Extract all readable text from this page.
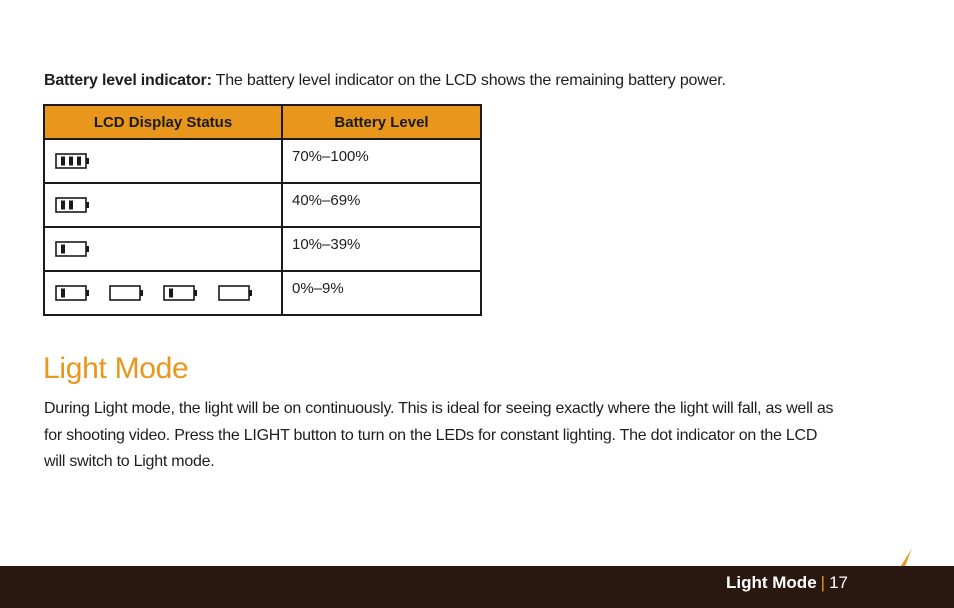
Battery level indicator: The battery level indicator on the LCD shows the remaining battery power.
LCD Display Status	Battery Level
	70%–100%
	40%–69%
	10%–39%
	0%–9%
Light Mode
During Light mode, the light will be on continuously. This is ideal for seeing exactly where the light will fall, as well as for shooting video. Press the LIGHT button to turn on the LEDs for constant lighting. The dot indicator on the LCD will switch to Light mode.
Light Mode | 17
